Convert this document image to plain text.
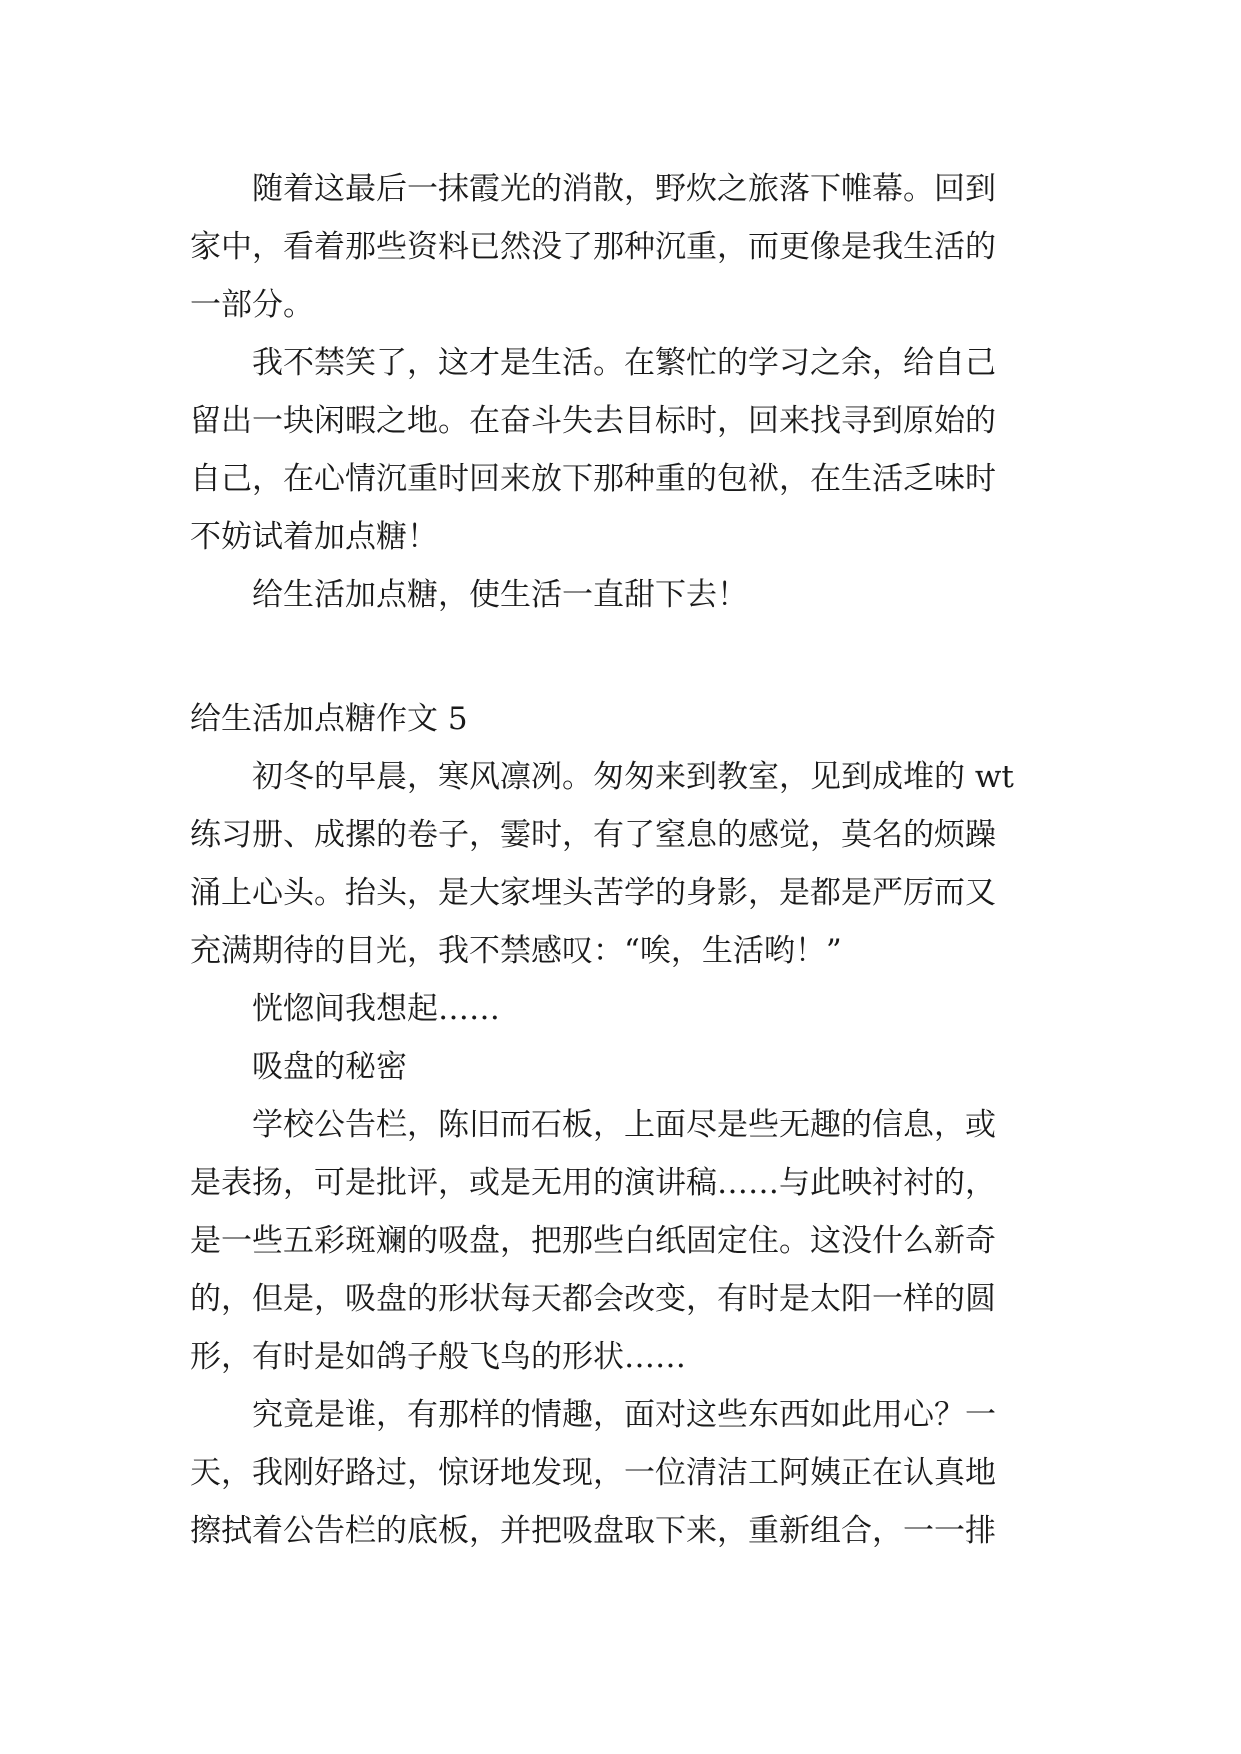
随着这最后一抹霞光的消散，野炊之旅落下帷幕。回到
家中，看着那些资料已然没了那种沉重，而更像是我生活的
一部分。
我不禁笑了，这才是生活。在繁忙的学习之余，给自己
留出一块闲暇之地。在奋斗失去目标时，回来找寻到原始的
自己，在心情沉重时回来放下那种重的包袱，在生活乏味时
不妨试着加点糖！
给生活加点糖，使生活一直甜下去！
给生活加点糖作文 5
初冬的早晨，寒风凛冽。匆匆来到教室，见到成堆的 wt
练习册、成摞的卷子，霎时，有了窒息的感觉，莫名的烦躁
涌上心头。抬头，是大家埋头苦学的身影，是都是严厉而又
充满期待的目光，我不禁感叹：“唉，生活哟！”
恍惚间我想起……
吸盘的秘密
学校公告栏，陈旧而石板，上面尽是些无趣的信息，或
是表扬，可是批评，或是无用的演讲稿……与此映衬衬的，
是一些五彩斑斓的吸盘，把那些白纸固定住。这没什么新奇
的，但是，吸盘的形状每天都会改变，有时是太阳一样的圆
形，有时是如鸽子般飞鸟的形状……
究竟是谁，有那样的情趣，面对这些东西如此用心？一
天，我刚好路过，惊讶地发现，一位清洁工阿姨正在认真地
擦拭着公告栏的底板，并把吸盘取下来，重新组合，一一排
